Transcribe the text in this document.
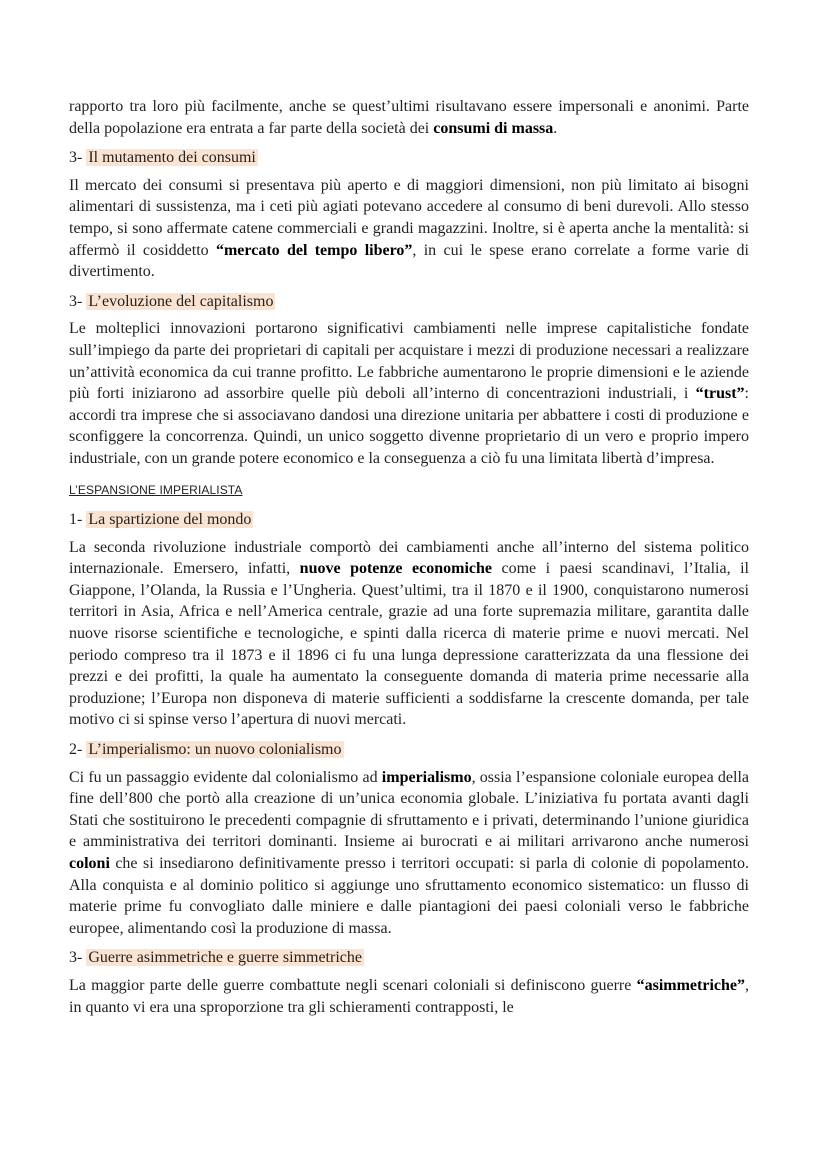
rapporto tra loro più facilmente, anche se quest’ultimi risultavano essere impersonali e anonimi. Parte della popolazione era entrata a far parte della società dei consumi di massa.

3- Il mutamento dei consumi

Il mercato dei consumi si presentava più aperto e di maggiori dimensioni, non più limitato ai bisogni alimentari di sussistenza, ma i ceti più agiati potevano accedere al consumo di beni durevoli. Allo stesso tempo, si sono affermate catene commerciali e grandi magazzini. Inoltre, si è aperta anche la mentalità: si affermò il cosiddetto “mercato del tempo libero”, in cui le spese erano correlate a forme varie di divertimento.

3- L’evoluzione del capitalismo

Le molteplici innovazioni portarono significativi cambiamenti nelle imprese capitalistiche fondate sull’impiego da parte dei proprietari di capitali per acquistare i mezzi di produzione necessari a realizzare un’attività economica da cui tranne profitto. Le fabbriche aumentarono le proprie dimensioni e le aziende più forti iniziarono ad assorbire quelle più deboli all’interno di concentrazioni industriali, i “trust”: accordi tra imprese che si associavano dandosi una direzione unitaria per abbattere i costi di produzione e sconfiggere la concorrenza. Quindi, un unico soggetto divenne proprietario di un vero e proprio impero industriale, con un grande potere economico e la conseguenza a ciò fu una limitata libertà d’impresa.

L’ESPANSIONE IMPERIALISTA

1- La spartizione del mondo

La seconda rivoluzione industriale comportò dei cambiamenti anche all’interno del sistema politico internazionale. Emersero, infatti, nuove potenze economiche come i paesi scandinavi, l’Italia, il Giappone, l’Olanda, la Russia e l’Ungheria. Quest’ultimi, tra il 1870 e il 1900, conquistarono numerosi territori in Asia, Africa e nell’America centrale, grazie ad una forte supremazia militare, garantita dalle nuove risorse scientifiche e tecnologiche, e spinti dalla ricerca di materie prime e nuovi mercati. Nel periodo compreso tra il 1873 e il 1896 ci fu una lunga depressione caratterizzata da una flessione dei prezzi e dei profitti, la quale ha aumentato la conseguente domanda di materia prime necessarie alla produzione; l’Europa non disponeva di materie sufficienti a soddisfarne la crescente domanda, per tale motivo ci si spinse verso l’apertura di nuovi mercati.

2- L’imperialismo: un nuovo colonialismo

Ci fu un passaggio evidente dal colonialismo ad imperialismo, ossia l’espansione coloniale europea della fine dell’800 che portò alla creazione di un’unica economia globale. L’iniziativa fu portata avanti dagli Stati che sostituirono le precedenti compagnie di sfruttamento e i privati, determinando l’unione giuridica e amministrativa dei territori dominanti. Insieme ai burocrati e ai militari arrivarono anche numerosi coloni che si insediarono definitivamente presso i territori occupati: si parla di colonie di popolamento. Alla conquista e al dominio politico si aggiunge uno sfruttamento economico sistematico: un flusso di materie prime fu convogliato dalle miniere e dalle piantagioni dei paesi coloniali verso le fabbriche europee, alimentando così la produzione di massa.

3- Guerre asimmetriche e guerre simmetriche

La maggior parte delle guerre combattute negli scenari coloniali si definiscono guerre “asimmetriche”, in quanto vi era una sproporzione tra gli schieramenti contrapposti, le
